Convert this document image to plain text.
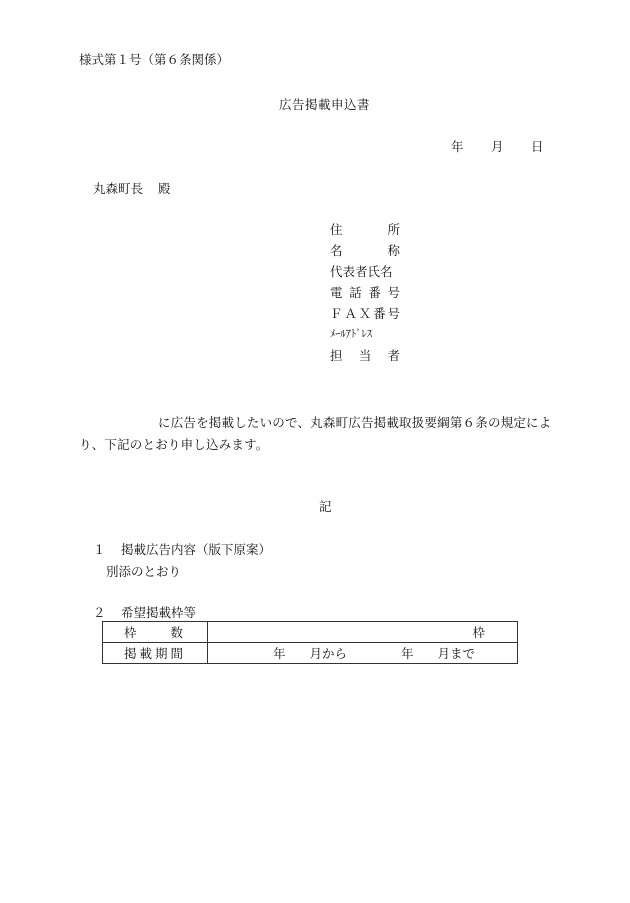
様式第１号（第６条関係）
広告掲載申込書
年 月 日
丸森町長 殿
住	所
名	称
代表者氏名
電 話 番 号
Ｆ Ａ Ｘ 番 号
ﾒｰﾙｱﾄﾞﾚｽ
担 当 者
に広告を掲載したいので、丸森町広告掲載取扱要綱第６条の規定により、下記のとおり申し込みます。
記
１ 掲載広告内容（版下原案）
別添のとおり
２ 希望掲載枠等
枠　　数	枠
掲載期間	年 月から 年 月まで
